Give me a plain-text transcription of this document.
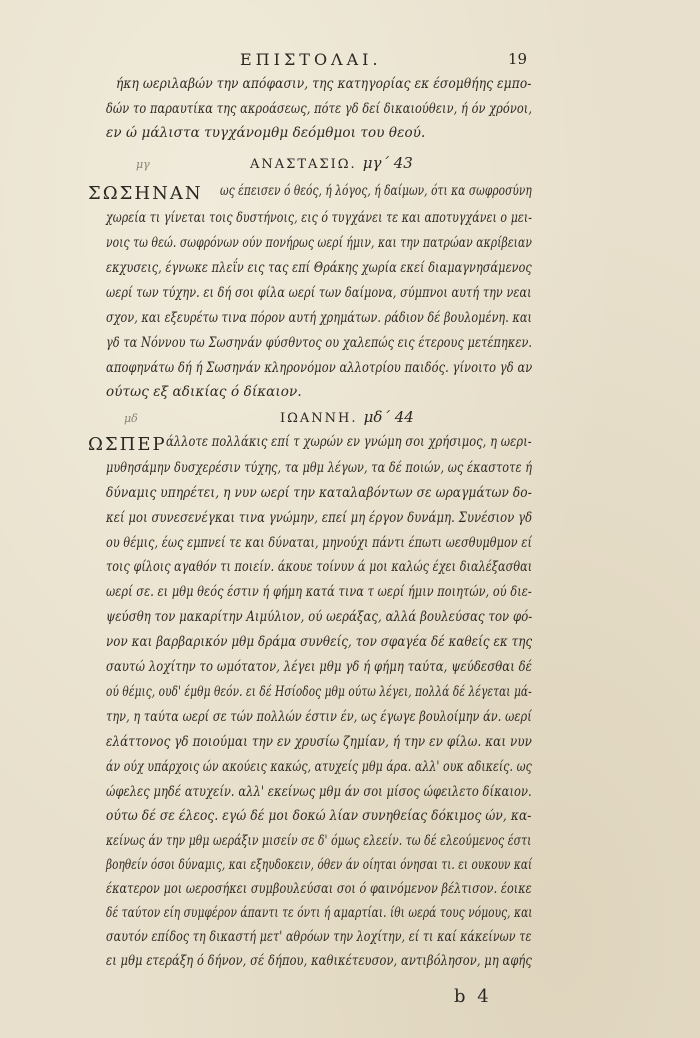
ΕΠΙΣΤΟΛΑΙ.	19
ήκη ωεριλαβών την απόφασιν, της κατηγορίας εκ έσομθήης εμπο-
δών το παραυτίκα της ακροάσεως, πότε γδ δεί δικαιούθειν, ή όν χρόνοι,
εν ώ μάλιστα τυγχάνομθμ δεόμθμοι του θεού.
μγ	ΑΝΑΣΤΑΣΙΩ. μγ΄ 43
ΣΩΣΗΝΑΝ ως έπεισεν ό θεός, ή λόγος, ή δαίμων, ότι κα σωφροσύνη
χωρεία τι γίνεται τοις δυστήνοις, εις ό τυγχάνει τε και αποτυγχάνει ο μει-
νοις τω θεώ. σωφρόνων ούν πονήρως ωερί ήμιν, και την πατρώαν ακρίβειαν
εκχυσεις, έγνωκε πλεΐν εις τας επί Θράκης χωρία εκεί διαμαγνησάμενος
ωερί των τύχην. ει δή σοι φίλα ωερί των δαίμονα, σύμπνοι αυτή την νεαι
σχον, και εξευρέτω τινα πόρον αυτή χρημάτων. ράδιον δέ βουλομένη. και
γδ τα Νόννου τω Σωσηνάν φύσθντος ου χαλεπώς εις έτερους μετέπηκεν.
αποφηνάτω δή ή Σωσηνάν κληρονόμον αλλοτρίου παιδός. γίνοιτο γδ αν
ούτως εξ αδικίας ό δίκαιον.
μδ	ΙΩΑΝΝΗ. μδ΄ 44
ΩΣΠΕΡ άλλοτε πολλάκις επί τ χωρών εν γνώμη σοι χρήσιμος, η ωερι-
μυθησάμην δυσχερέσιν τύχης, τα μθμ λέγων, τα δέ ποιών, ως έκαστοτε ή
δύναμις υπηρέτει, η νυν ωερί την καταλαβόντων σε ωραγμάτων δο-
κεί μοι συνεσενέγκαι τινα γνώμην, επεί μη έργον δυνάμη. Συνέσιον γδ
ου θέμις, έως εμπνεί τε και δύναται, μηνούχι πάντι έπωτι ωεσθυμθμον εί
τοις φίλοις αγαθόν τι ποιείν. άκουε τοίνυν ά μοι καλώς έχει διαλέξασθαι
ωερί σε. ει μθμ θεός έστιν ή φήμη κατά τινα τ ωερί ήμιν ποιητών, ού διε-
ψεύσθη τον μακαρίτην Αιμύλιον, ού ωεράξας, αλλά βουλεύσας τον φό-
νον και βαρβαρικόν μθμ δράμα συνθείς, τον σφαγέα δέ καθείς εκ της
σαυτώ λοχίτην το ωμότατον, λέγει μθμ γδ ή φήμη ταύτα, ψεύδεσθαι δέ
ού θέμις, ουδ' έμθμ θεόν. ει δέ Ησίοδος μθμ ούτω λέγει, πολλά δέ λέγεται μά-
την, η ταύτα ωερί σε τών πολλών έστιν έν, ως έγωγε βουλοίμην άν. ωερί
ελάττονος γδ ποιούμαι την εν χρυσίω ζημίαν, ή την εν φίλω. και νυν
άν ούχ υπάρχοις ών ακούεις κακώς, ατυχείς μθμ άρα. αλλ' ουκ αδικείς. ως
ώφελες μηδέ ατυχείν. αλλ' εκείνως μθμ άν σοι μίσος ώφειλετο δίκαιον.
ούτω δέ σε έλεος. εγώ δέ μοι δοκώ λίαν συνηθείας δόκιμος ών, κα-
κείνως άν την μθμ ωεράξιν μισείν σε δ' όμως ελεείν. τω δέ ελεούμενος έστι
βοηθείν όσοι δύναμις, και εξηυδοκειν, όθεν άν οίηται όνησαι τι. ει ουκουν καί
έκατερον μοι ωεροσήκει συμβουλεύσαι σοι ό φαινόμενον βέλτισον. έοικε
δέ ταύτον είη συμφέρον άπαντι τε όντι ή αμαρτίαι. ίθι ωερά τους νόμους, και
σαυτόν επίδος τη δικαστή μετ' αθρόων την λοχίτην, εί τι καί κάκείνων τε
ει μθμ ετεράξη ό δήνον, σέ δήπου, καθικέτευσον, αντιβόλησον, μη αφής
b 4
